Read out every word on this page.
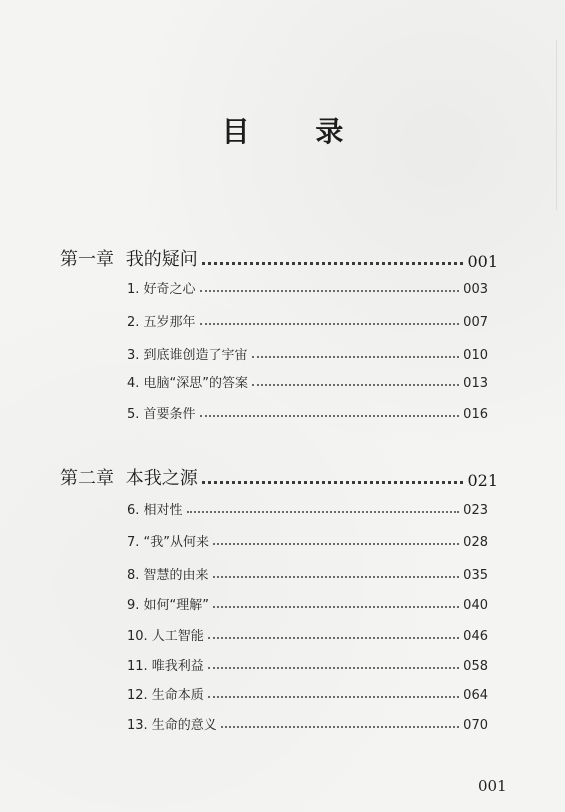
目 录
第一章 我的疑问	001
1. 好奇之心	003
2. 五岁那年	007
3. 到底谁创造了宇宙	010
4. 电脑“深思”的答案	013
5. 首要条件	016
第二章 本我之源	021
6. 相对性	023
7. “我”从何来	028
8. 智慧的由来	035
9. 如何“理解”	040
10. 人工智能	046
11. 唯我利益	058
12. 生命本质	064
13. 生命的意义	070
001
